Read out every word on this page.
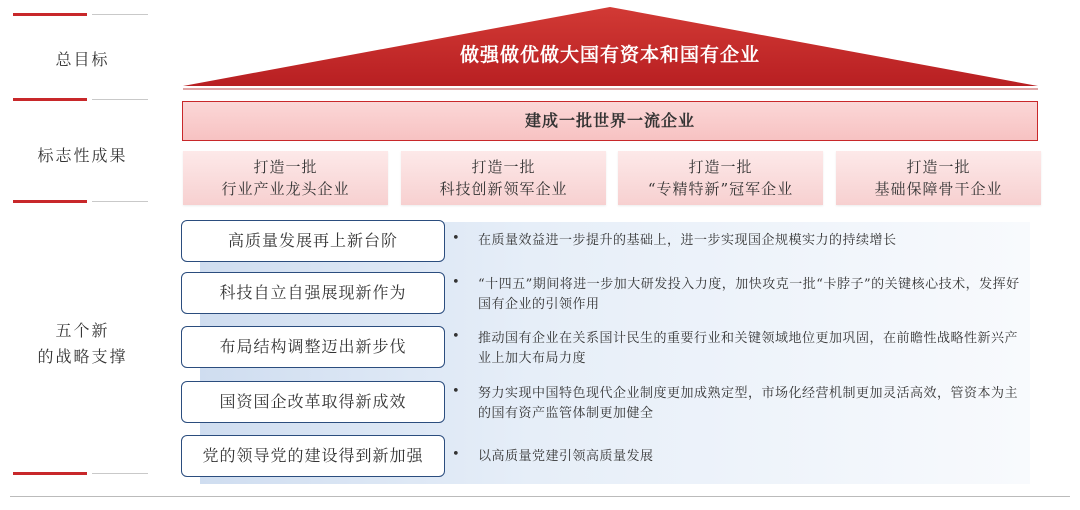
总目标
标志性成果
五个新
的战略支撑
做强做优做大国有资本和国有企业
建成一批世界一流企业
打造一批
行业产业龙头企业
打造一批
科技创新领军企业
打造一批
“专精特新”冠军企业
打造一批
基础保障骨干企业
高质量发展再上新台阶	• 在质量效益进一步提升的基础上，进一步实现国企规模实力的持续增长
科技自立自强展现新作为
• “十四五”期间将进一步加大研发投入力度，加快攻克一批“卡脖子”的关键核心技术，发挥好国有企业的引领作用
布局结构调整迈出新步伐
• 推动国有企业在关系国计民生的重要行业和关键领域地位更加巩固，在前瞻性战略性新兴产业上加大布局力度
国资国企改革取得新成效
• 努力实现中国特色现代企业制度更加成熟定型，市场化经营机制更加灵活高效，管资本为主的国有资产监管体制更加健全
党的领导党的建设得到新加强	• 以高质量党建引领高质量发展
